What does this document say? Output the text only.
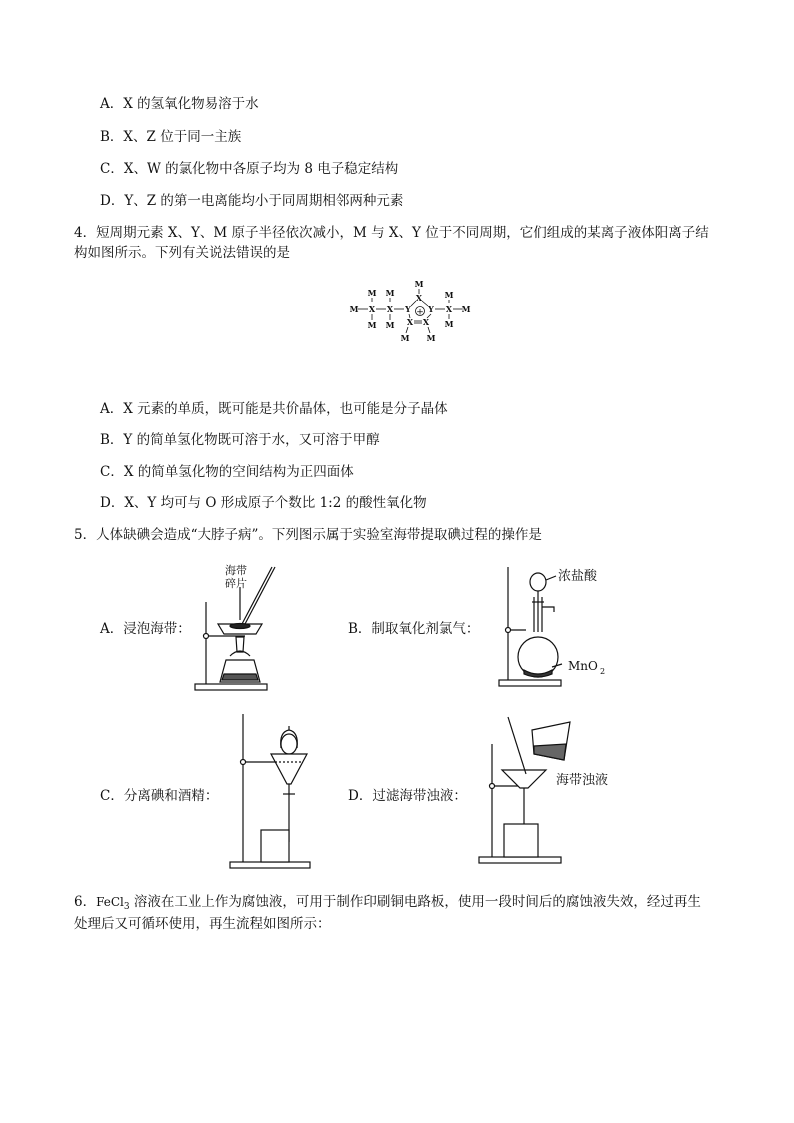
A．X 的氢氧化物易溶于水
B．X、Z 位于同一主族
C．X、W 的氯化物中各原子均为 8 电子稳定结构
D．Y、Z 的第一电离能均小于同周期相邻两种元素
4．短周期元素 X、Y、M 原子半径依次减小，M 与 X、Y 位于不同周期，它们组成的某离子液体阳离子结
构如图所示。下列有关说法错误的是
M X
M
M
X
M
M
Y
X
M
Y
X X
M M
X
M
M
M
+
A．X 元素的单质，既可能是共价晶体，也可能是分子晶体
B．Y 的简单氢化物既可溶于水，又可溶于甲醇
C．X 的简单氢化物的空间结构为正四面体
D．X、Y 均可与 O 形成原子个数比 1:2 的酸性氧化物
5．人体缺碘会造成“大脖子病”。下列图示属于实验室海带提取碘过程的操作是
A．浸泡海带：	B．制取氧化剂氯气：
C．分离碘和酒精：	D．过滤海带浊液：
海带
碎片	浓盐酸
MnO 2
海带浊液
6．FeCl$_3$ 溶液在工业上作为腐蚀液，可用于制作印刷铜电路板，使用一段时间后的腐蚀液失效，经过再生
处理后又可循环使用，再生流程如图所示：
